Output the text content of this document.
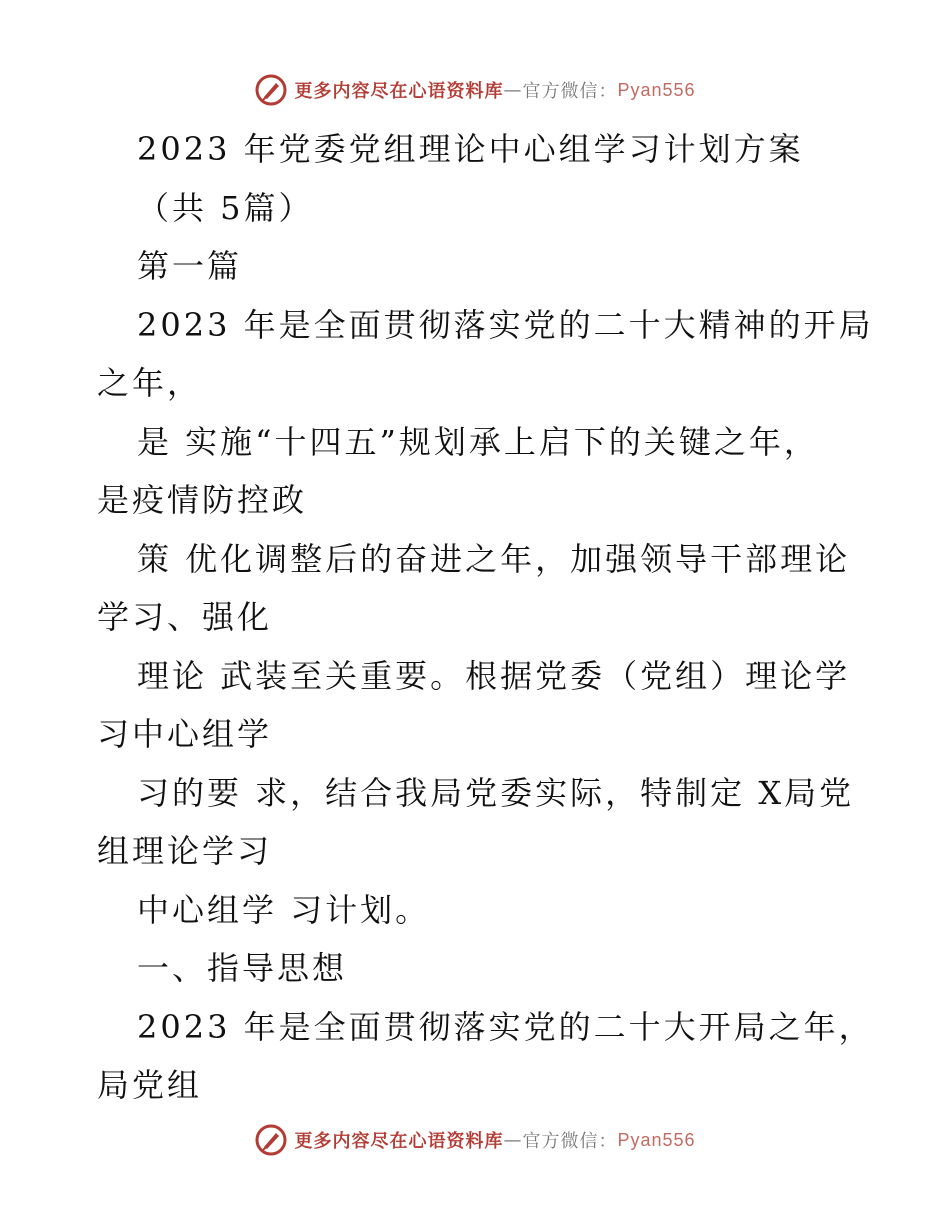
更多内容尽在心语资料库 — 官方微信： Pyan556
2023 年党委党组理论中心组学习计划方案
（共 5篇）
第一篇
2023 年是全面贯彻落实党的二十大精神的开局
之年，
是 实施“十四五”规划承上启下的关键之年，
是疫情防控政
策 优化调整后的奋进之年，加强领导干部理论
学习、强化
理论 武装至关重要。根据党委（党组）理论学
习中心组学
习的要 求，结合我局党委实际，特制定 X局党
组理论学习
中心组学 习计划。
一、指导思想
2023 年是全面贯彻落实党的二十大开局之年，
局党组
更多内容尽在心语资料库 — 官方微信： Pyan556
